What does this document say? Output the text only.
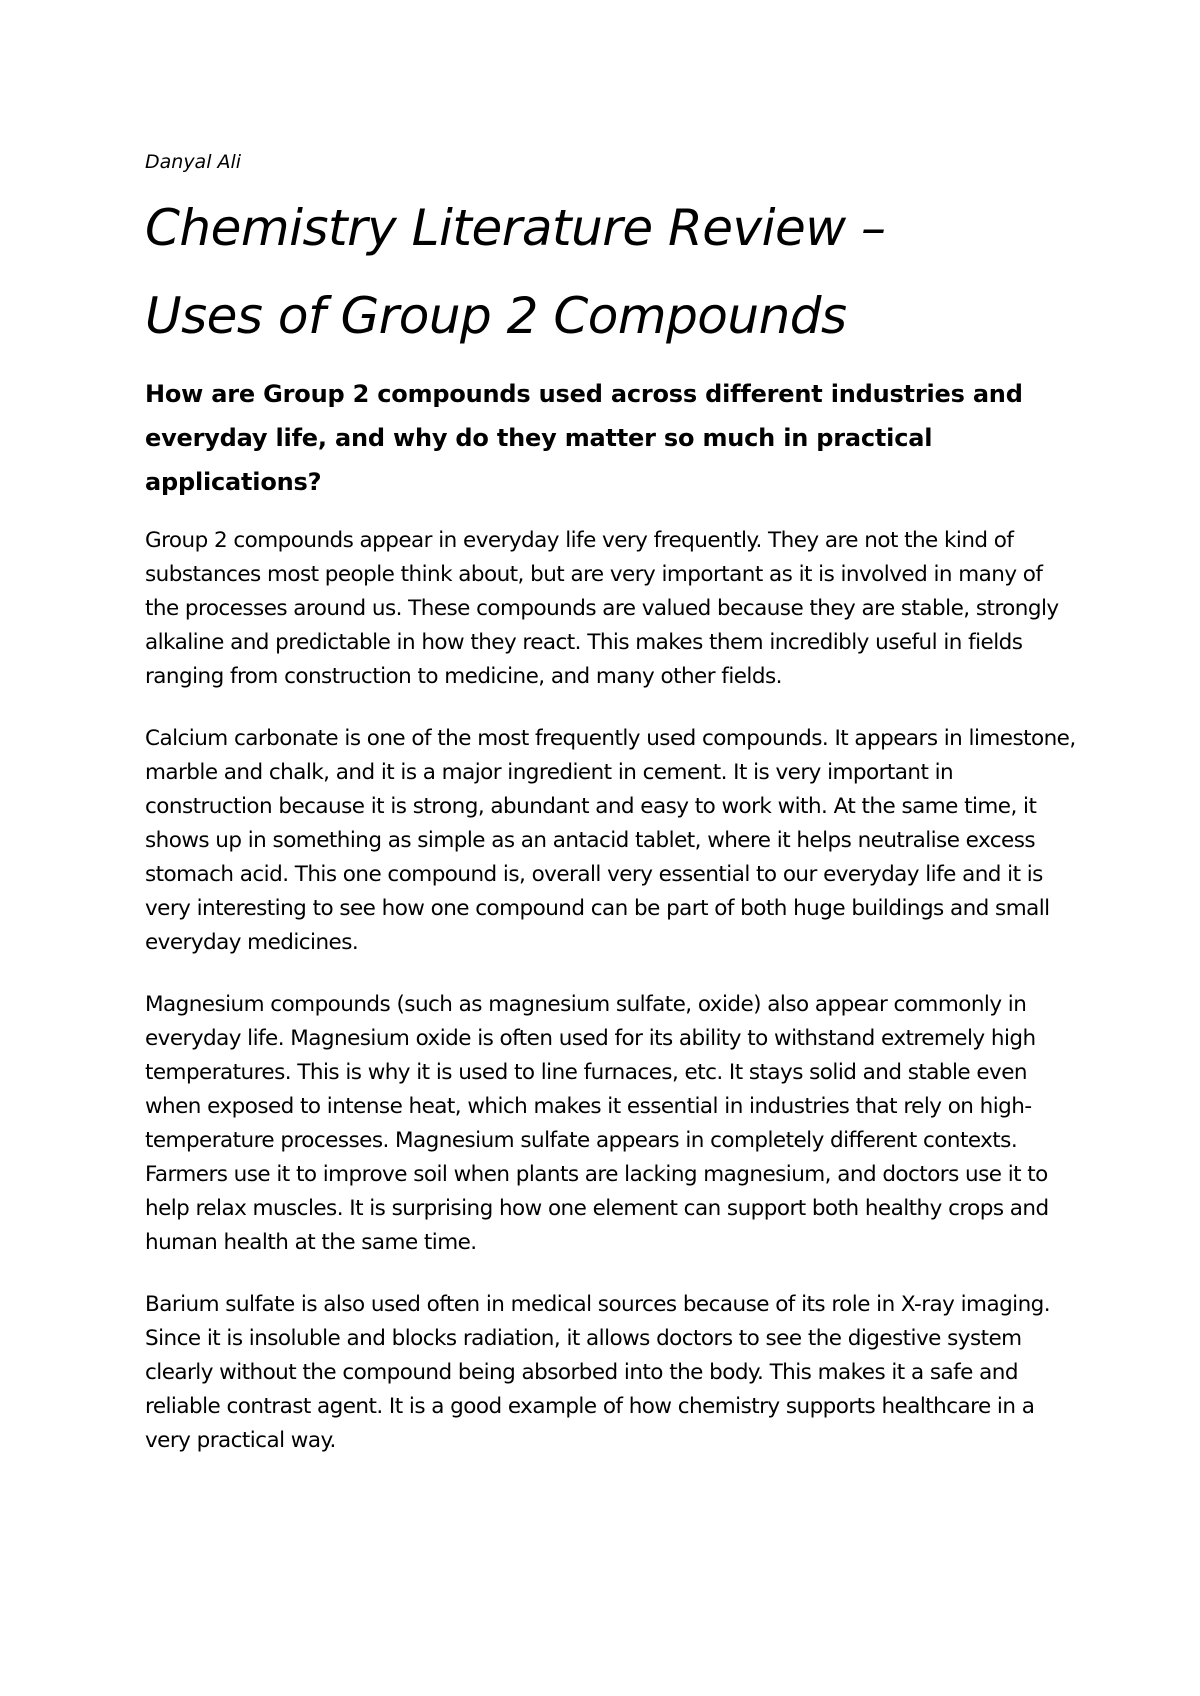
Danyal Ali

Chemistry Literature Review –
Uses of Group 2 Compounds

How are Group 2 compounds used across different industries and everyday life, and why do they matter so much in practical applications?

Group 2 compounds appear in everyday life very frequently. They are not the kind of substances most people think about, but are very important as it is involved in many of the processes around us. These compounds are valued because they are stable, strongly alkaline and predictable in how they react. This makes them incredibly useful in fields ranging from construction to medicine, and many other fields.

Calcium carbonate is one of the most frequently used compounds. It appears in limestone, marble and chalk, and it is a major ingredient in cement. It is very important in construction because it is strong, abundant and easy to work with. At the same time, it shows up in something as simple as an antacid tablet, where it helps neutralise excess stomach acid. This one compound is, overall very essential to our everyday life and it is very interesting to see how one compound can be part of both huge buildings and small everyday medicines.

Magnesium compounds (such as magnesium sulfate, oxide) also appear commonly in everyday life. Magnesium oxide is often used for its ability to withstand extremely high temperatures. This is why it is used to line furnaces, etc. It stays solid and stable even when exposed to intense heat, which makes it essential in industries that rely on high-temperature processes. Magnesium sulfate appears in completely different contexts. Farmers use it to improve soil when plants are lacking magnesium, and doctors use it to help relax muscles. It is surprising how one element can support both healthy crops and human health at the same time.

Barium sulfate is also used often in medical sources because of its role in X-ray imaging. Since it is insoluble and blocks radiation, it allows doctors to see the digestive system clearly without the compound being absorbed into the body. This makes it a safe and reliable contrast agent. It is a good example of how chemistry supports healthcare in a very practical way.
